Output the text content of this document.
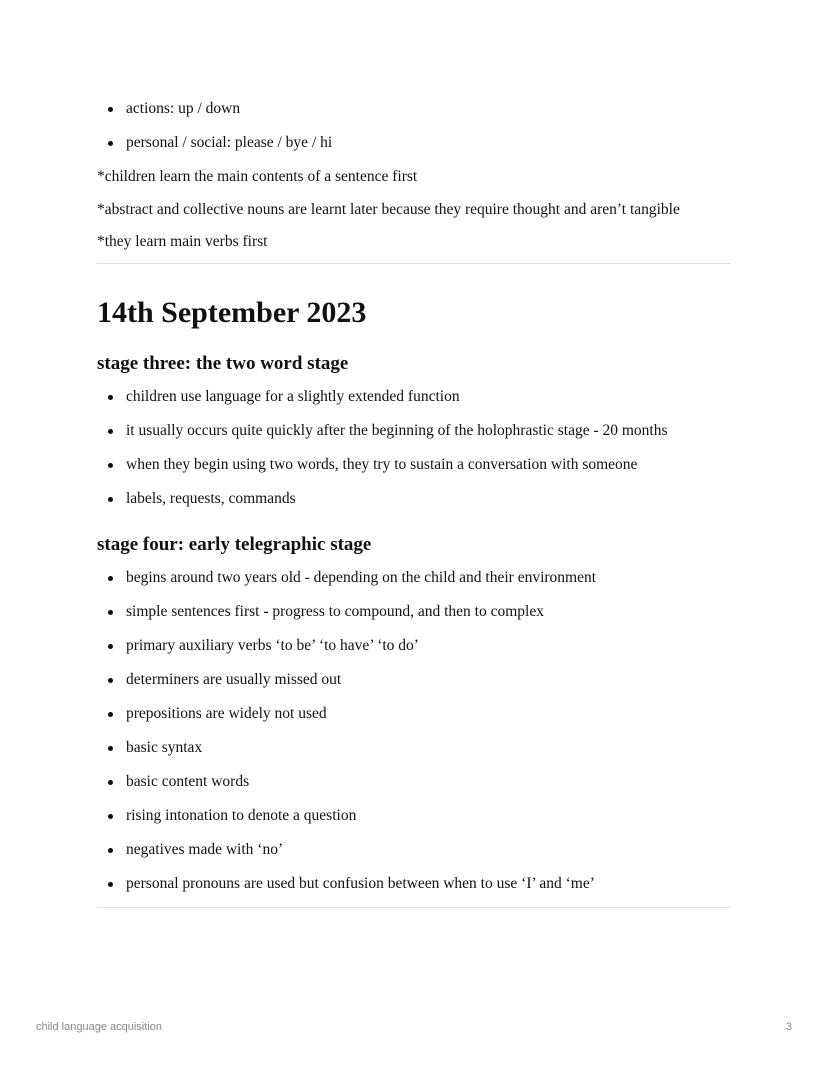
actions: up / down
personal / social: please / bye / hi

*children learn the main contents of a sentence first

*abstract and collective nouns are learnt later because they require thought and aren’t tangible

*they learn main verbs first

14th September 2023
stage three: the two word stage
children use language for a slightly extended function
it usually occurs quite quickly after the beginning of the holophrastic stage - 20 months
when they begin using two words, they try to sustain a conversation with someone
labels, requests, commands
stage four: early telegraphic stage
begins around two years old - depending on the child and their environment
simple sentences first - progress to compound, and then to complex
primary auxiliary verbs ‘to be’ ‘to have’ ‘to do’
determiners are usually missed out
prepositions are widely not used
basic syntax
basic content words
rising intonation to denote a question
negatives made with ‘no’
personal pronouns are used but confusion between when to use ‘I’ and ‘me’
child language acquisition	3
